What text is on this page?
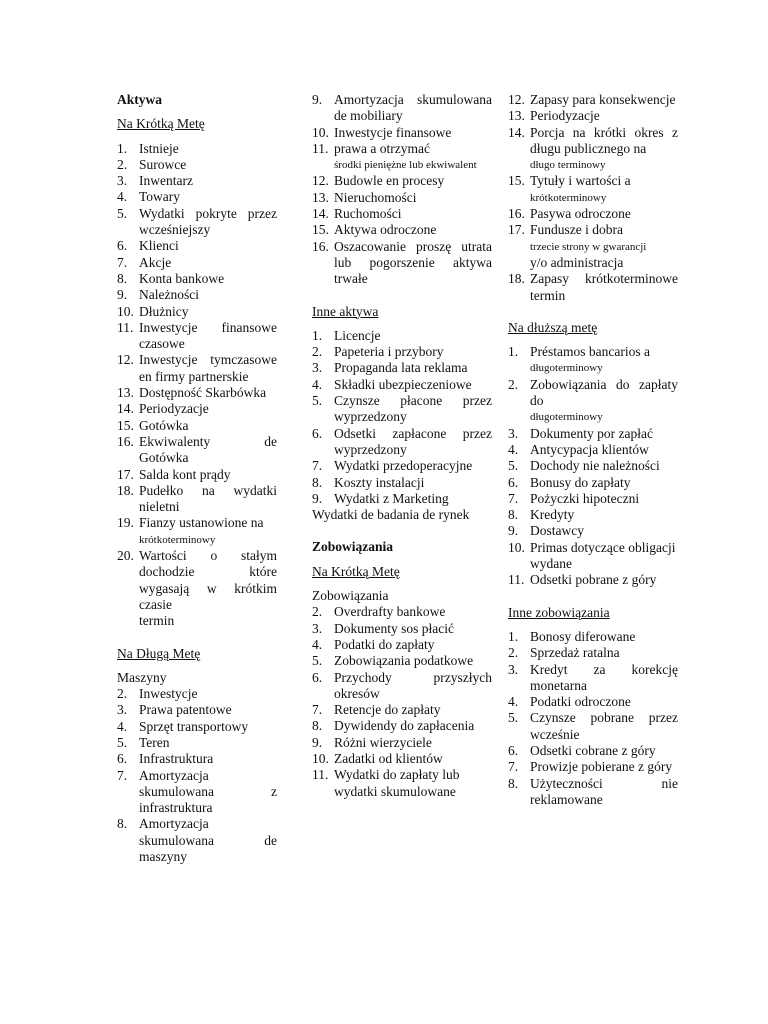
Aktywa
Na Krótką Metę
1. Istnieje
2. Surowce
3. Inwentarz
4. Towary
5. Wydatki pokryte przez wcześniejszy
6. Klienci
7. Akcje
8. Konta bankowe
9. Należności
10. Dłużnicy
11. Inwestycje finansowe czasowe
12. Inwestycje tymczasowe en firmy partnerskie
13. Dostępność Skarbówka
14. Periodyzacje
15. Gotówka
16. Ekwiwalenty de Gotówka
17. Salda kont prądy
18. Pudełko na wydatki nieletni
19. Fianzy ustanowione na
krótkoterminowy
20. Wartości o stałym dochodzie które wygasają w krótkim czasie
termin
Na Długą Metę
Maszyny
2. Inwestycje
3. Prawa patentowe
4. Sprzęt transportowy
5. Teren
6. Infrastruktura
7. Amortyzacja skumulowana z infrastruktura
8. Amortyzacja skumulowana de maszyny
9. Amortyzacja skumulowana de mobiliary
10. Inwestycje finansowe
11. prawa a otrzymać
środki pieniężne lub ekwiwalent
12. Budowle en procesy
13. Nieruchomości
14. Ruchomości
15. Aktywa odroczone
16. Oszacowanie proszę utrata lub pogorszenie aktywa trwałe
Inne aktywa
1. Licencje
2. Papeteria i przybory
3. Propaganda lata reklama
4. Składki ubezpieczeniowe
5. Czynsze płacone przez wyprzedzony
6. Odsetki zapłacone przez wyprzedzony
7. Wydatki przedoperacyjne
8. Koszty instalacji
9. Wydatki z Marketing
Wydatki de badania de rynek
Zobowiązania
Na Krótką Metę
Zobowiązania
2. Overdrafty bankowe
3. Dokumenty sos płacić
4. Podatki do zapłaty
5. Zobowiązania podatkowe
6. Przychody przyszłych okresów
7. Retencje do zapłaty
8. Dywidendy do zapłacenia
9. Różni wierzyciele
10. Zadatki od klientów
11. Wydatki do zapłaty lub
wydatki skumulowane
12. Zapasy para konsekwencje
13. Periodyzacje
14. Porcja na krótki okres z długu publicznego na
długo terminowy
15. Tytuły i wartości a
krótkoterminowy
16. Pasywa odroczone
17. Fundusze i dobra
trzecie strony w gwarancji
y/o administracja
18. Zapasy krótkoterminowe termin
Na dłuższą metę
1. Préstamos bancarios a
długoterminowy
2. Zobowiązania do zapłaty do
długoterminowy
3. Dokumenty por zapłać
4. Antycypacja klientów
5. Dochody nie należności
6. Bonusy do zapłaty
7. Pożyczki hipoteczni
8. Kredyty
9. Dostawcy
10. Primas dotyczące obligacji
wydane
11. Odsetki pobrane z góry
Inne zobowiązania
1. Bonosy diferowane
2. Sprzedaż ratalna
3. Kredyt za korekcję monetarna
4. Podatki odroczone
5. Czynsze pobrane przez wcześnie
6. Odsetki cobrane z góry
7. Prowizje pobierane z góry
8. Użyteczności nie reklamowane
